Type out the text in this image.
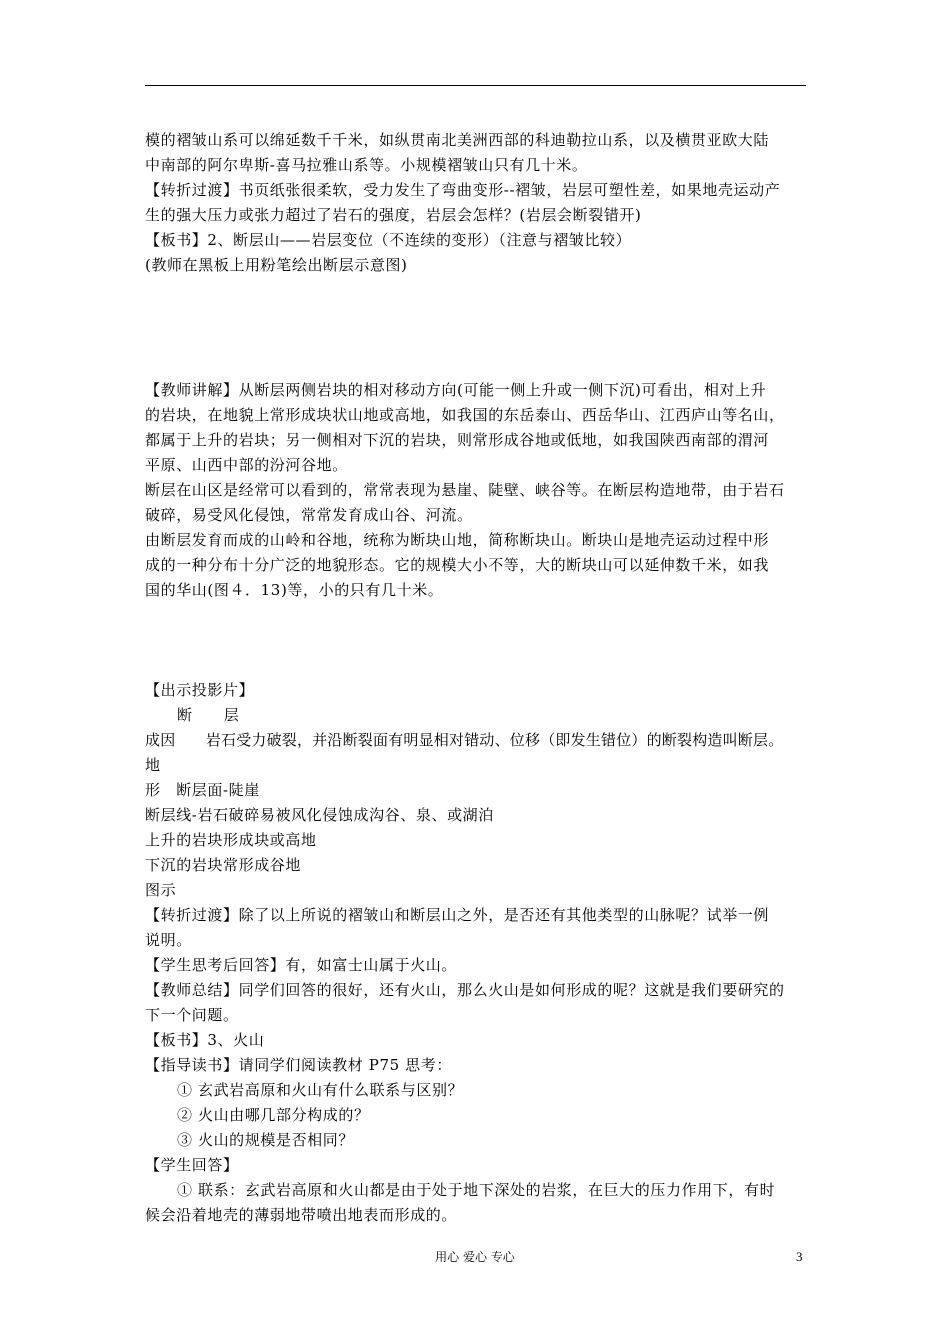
模的褶皱山系可以绵延数千千米，如纵贯南北美洲西部的科迪勒拉山系，以及横贯亚欧大陆
中南部的阿尔卑斯-喜马拉雅山系等。小规模褶皱山只有几十米。
【转折过渡】书页纸张很柔软，受力发生了弯曲变形--褶皱，岩层可塑性差，如果地壳运动产
生的强大压力或张力超过了岩石的强度，岩层会怎样？(岩层会断裂错开)
【板书】2、断层山——岩层变位（不连续的变形）（注意与褶皱比较）
(教师在黑板上用粉笔绘出断层示意图)
【教师讲解】从断层两侧岩块的相对移动方向(可能一侧上升或一侧下沉)可看出，相对上升
的岩块，在地貌上常形成块状山地或高地，如我国的东岳泰山、西岳华山、江西庐山等名山，
都属于上升的岩块；另一侧相对下沉的岩块，则常形成谷地或低地，如我国陕西南部的渭河
平原、山西中部的汾河谷地。
断层在山区是经常可以看到的，常常表现为悬崖、陡壁、峡谷等。在断层构造地带，由于岩石
破碎，易受风化侵蚀，常常发育成山谷、河流。
由断层发育而成的山岭和谷地，统称为断块山地，简称断块山。断块山是地壳运动过程中形
成的一种分布十分广泛的地貌形态。它的规模大小不等，大的断块山可以延伸数千米，如我
国的华山(图４．13)等，小的只有几十米。
【出示投影片】
断　　层
成因　　岩石受力破裂，并沿断裂面有明显相对错动、位移（即发生错位）的断裂构造叫断层。
地
形　断层面-陡崖
断层线-岩石破碎易被风化侵蚀成沟谷、泉、或湖泊
上升的岩块形成块或高地
下沉的岩块常形成谷地
图示
【转折过渡】除了以上所说的褶皱山和断层山之外，是否还有其他类型的山脉呢？试举一例
说明。
【学生思考后回答】有，如富士山属于火山。
【教师总结】同学们回答的很好，还有火山，那么火山是如何形成的呢？这就是我们要研究的
下一个问题。
【板书】3、火山
【指导读书】请同学们阅读教材 P75 思考：
① 玄武岩高原和火山有什么联系与区别？
② 火山由哪几部分构成的？
③ 火山的规模是否相同？
【学生回答】
① 联系：玄武岩高原和火山都是由于处于地下深处的岩浆，在巨大的压力作用下，有时
候会沿着地壳的薄弱地带喷出地表而形成的。
用心 爱心 专心	3
